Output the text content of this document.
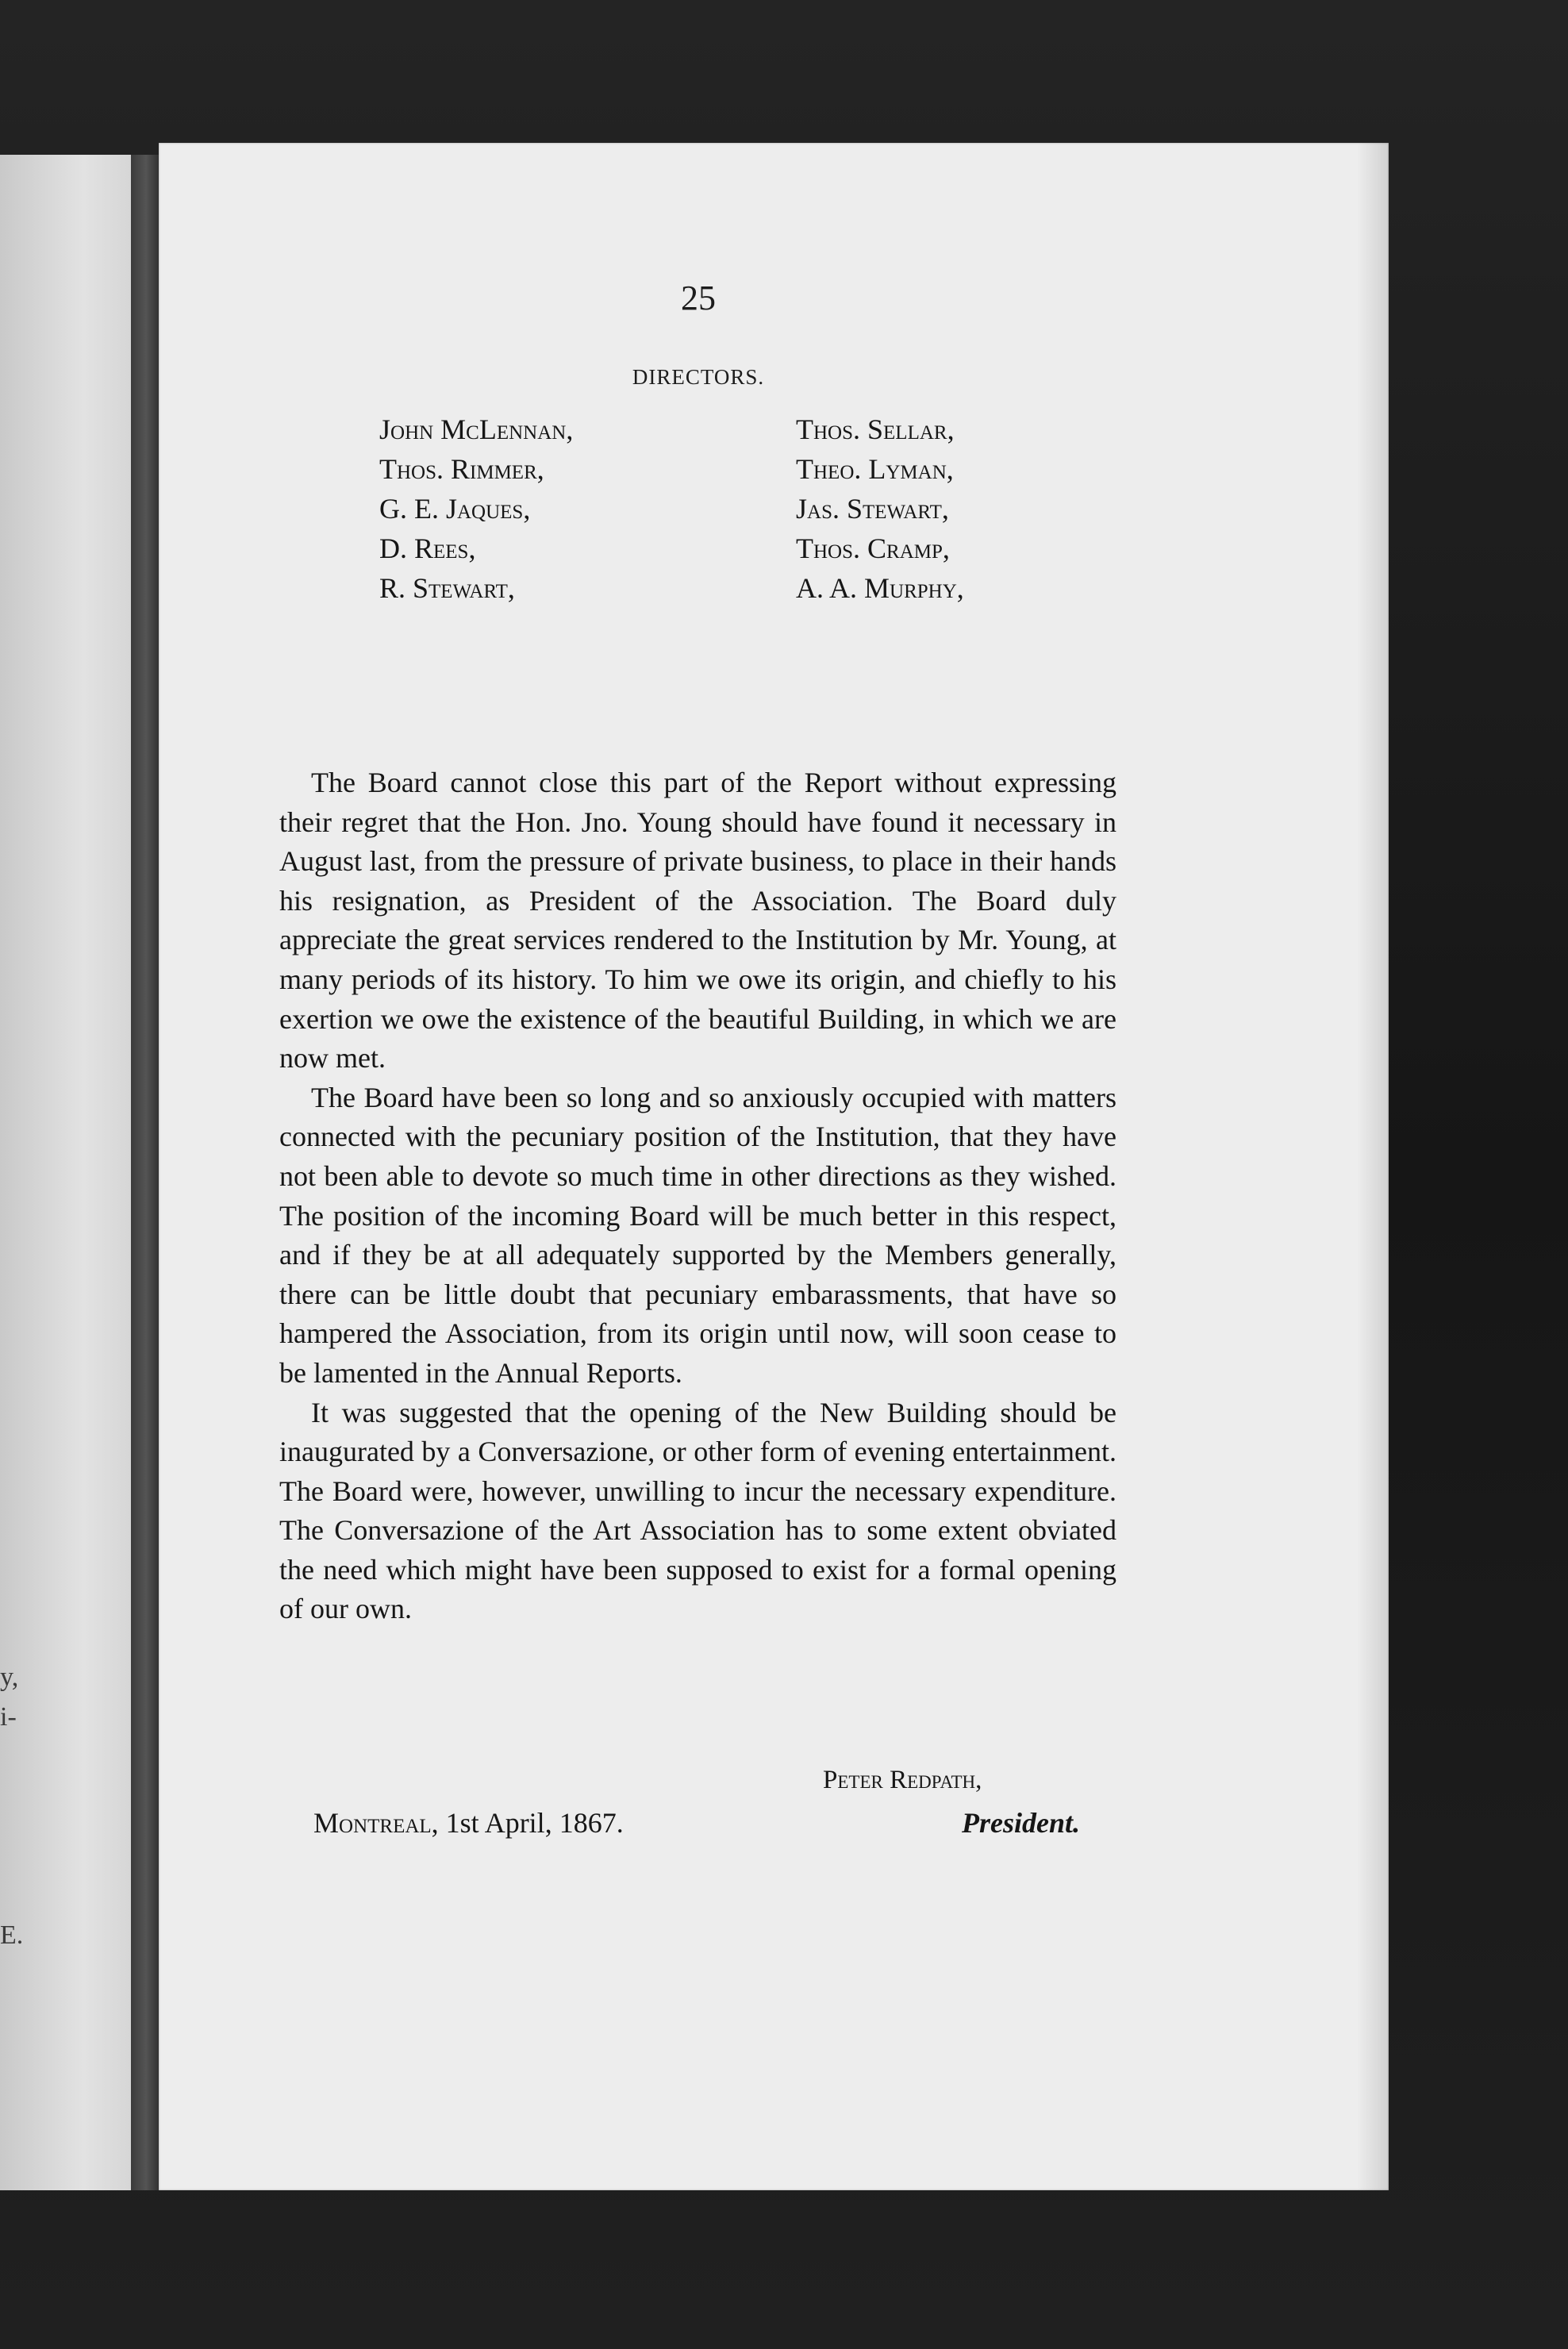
y,
i-
E.
25
DIRECTORS.
John McLennan,	Thos. Sellar,
Thos. Rimmer,	Theo. Lyman,
G. E. Jaques,	Jas. Stewart,
D. Rees,	Thos. Cramp,
R. Stewart,	A. A. Murphy,

The Board cannot close this part of the Report without expressing their regret that the Hon. Jno. Young should have found it necessary in August last, from the pressure of private business, to place in their hands his resignation, as President of the Association. The Board duly appreciate the great services rendered to the Institution by Mr. Young, at many periods of its history. To him we owe its origin, and chiefly to his exertion we owe the existence of the beautiful Building, in which we are now met.

The Board have been so long and so anxiously occupied with matters connected with the pecuniary position of the Institution, that they have not been able to devote so much time in other directions as they wished. The position of the incoming Board will be much better in this respect, and if they be at all adequately supported by the Members generally, there can be little doubt that pecuniary embarassments, that have so hampered the Association, from its origin until now, will soon cease to be lamented in the Annual Reports.

It was suggested that the opening of the New Building should be inaugurated by a Conversazione, or other form of evening entertainment. The Board were, however, unwilling to incur the necessary expenditure. The Conversazione of the Art Association has to some extent obviated the need which might have been supposed to exist for a formal opening of our own.

Peter Redpath,
Montreal, 1st April, 1867.	President.
